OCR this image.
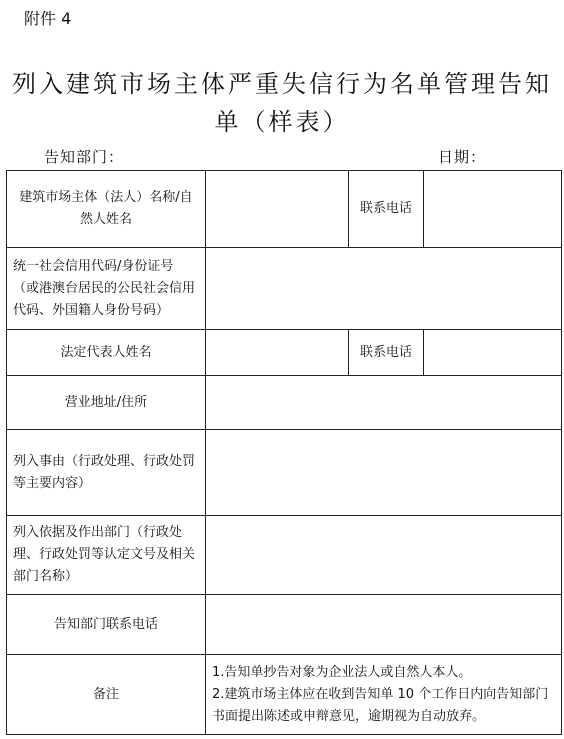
附件 4
列入建筑市场主体严重失信行为名单管理告知
单（样表）
告知部门：	日期：
建筑市场主体（法人）名称/自然人姓名		联系电话	
统一社会信用代码/身份证号（或港澳台居民的公民社会信用代码、外国籍人身份号码）			
法定代表人姓名		联系电话	
营业地址/住所			
列入事由（行政处理、行政处罚等主要内容）			
列入依据及作出部门（行政处理、行政处罚等认定文号及相关部门名称）			
告知部门联系电话			
备注	1.告知单抄告对象为企业法人或自然人本人。
2.建筑市场主体应在收到告知单 10 个工作日内向告知部门书面提出陈述或申辩意见，逾期视为自动放弃。		
